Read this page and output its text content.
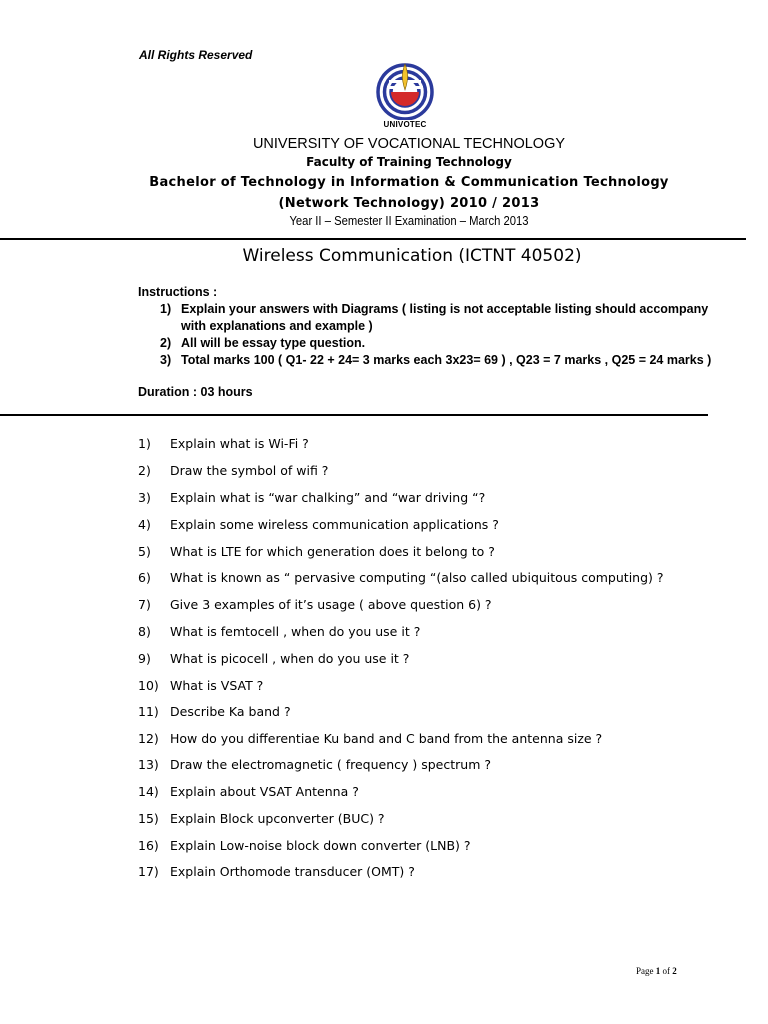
All Rights Reserved
UNIVOTEC
UNIVERSITY OF VOCATIONAL TECHNOLOGY
Faculty of Training Technology
Bachelor of Technology in Information & Communication Technology
(Network Technology) 2010 / 2013
Year II – Semester II Examination – March 2013
Wireless Communication (ICTNT 40502)
Instructions :
1) Explain your answers with Diagrams ( listing is not acceptable listing should accompany with explanations and example )
2) All will be essay type question.
3) Total marks 100 ( Q1- 22 + 24= 3 marks each 3x23= 69 ) , Q23 = 7 marks , Q25 = 24 marks )
Duration : 03 hours
1) Explain what is Wi-Fi ?
2) Draw the symbol of wifi ?
3) Explain what is “war chalking” and “war driving “?
4) Explain some wireless communication applications ?
5) What is LTE for which generation does it belong to ?
6) What is known as “ pervasive computing “(also called ubiquitous computing) ?
7) Give 3 examples of it’s usage ( above question 6) ?
8) What is femtocell , when do you use it ?
9) What is picocell , when do you use it ?
10) What is VSAT ?
11) Describe Ka band ?
12) How do you differentiae Ku band and C band from the antenna size ?
13) Draw the electromagnetic ( frequency ) spectrum ?
14) Explain about VSAT Antenna ?
15) Explain Block upconverter (BUC) ?
16) Explain Low-noise block down converter (LNB) ?
17) Explain Orthomode transducer (OMT) ?
Page 1 of 2
